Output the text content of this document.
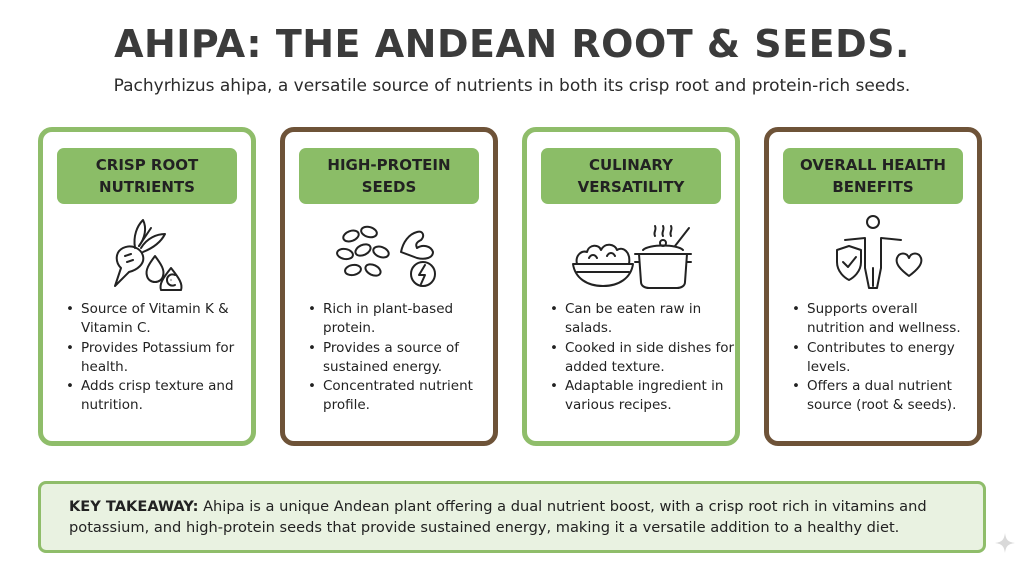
AHIPA: THE ANDEAN ROOT & SEEDS.
Pachyrhizus ahipa, a versatile source of nutrients in both its crisp root and protein-rich seeds.
CRISP ROOT
NUTRIENTS
• Source of Vitamin K & Vitamin C.
• Provides Potassium for health.
• Adds crisp texture and nutrition.
HIGH-PROTEIN
SEEDS
• Rich in plant-based protein.
• Provides a source of sustained energy.
• Concentrated nutrient profile.
CULINARY
VERSATILITY
• Can be eaten raw in salads.
• Cooked in side dishes for added texture.
• Adaptable ingredient in various recipes.
OVERALL HEALTH
BENEFITS
• Supports overall nutrition and wellness.
• Contributes to energy levels.
• Offers a dual nutrient source (root & seeds).
KEY TAKEAWAY: Ahipa is a unique Andean plant offering a dual nutrient boost, with a crisp root rich in vitamins and potassium, and high-protein seeds that provide sustained energy, making it a versatile addition to a healthy diet.
